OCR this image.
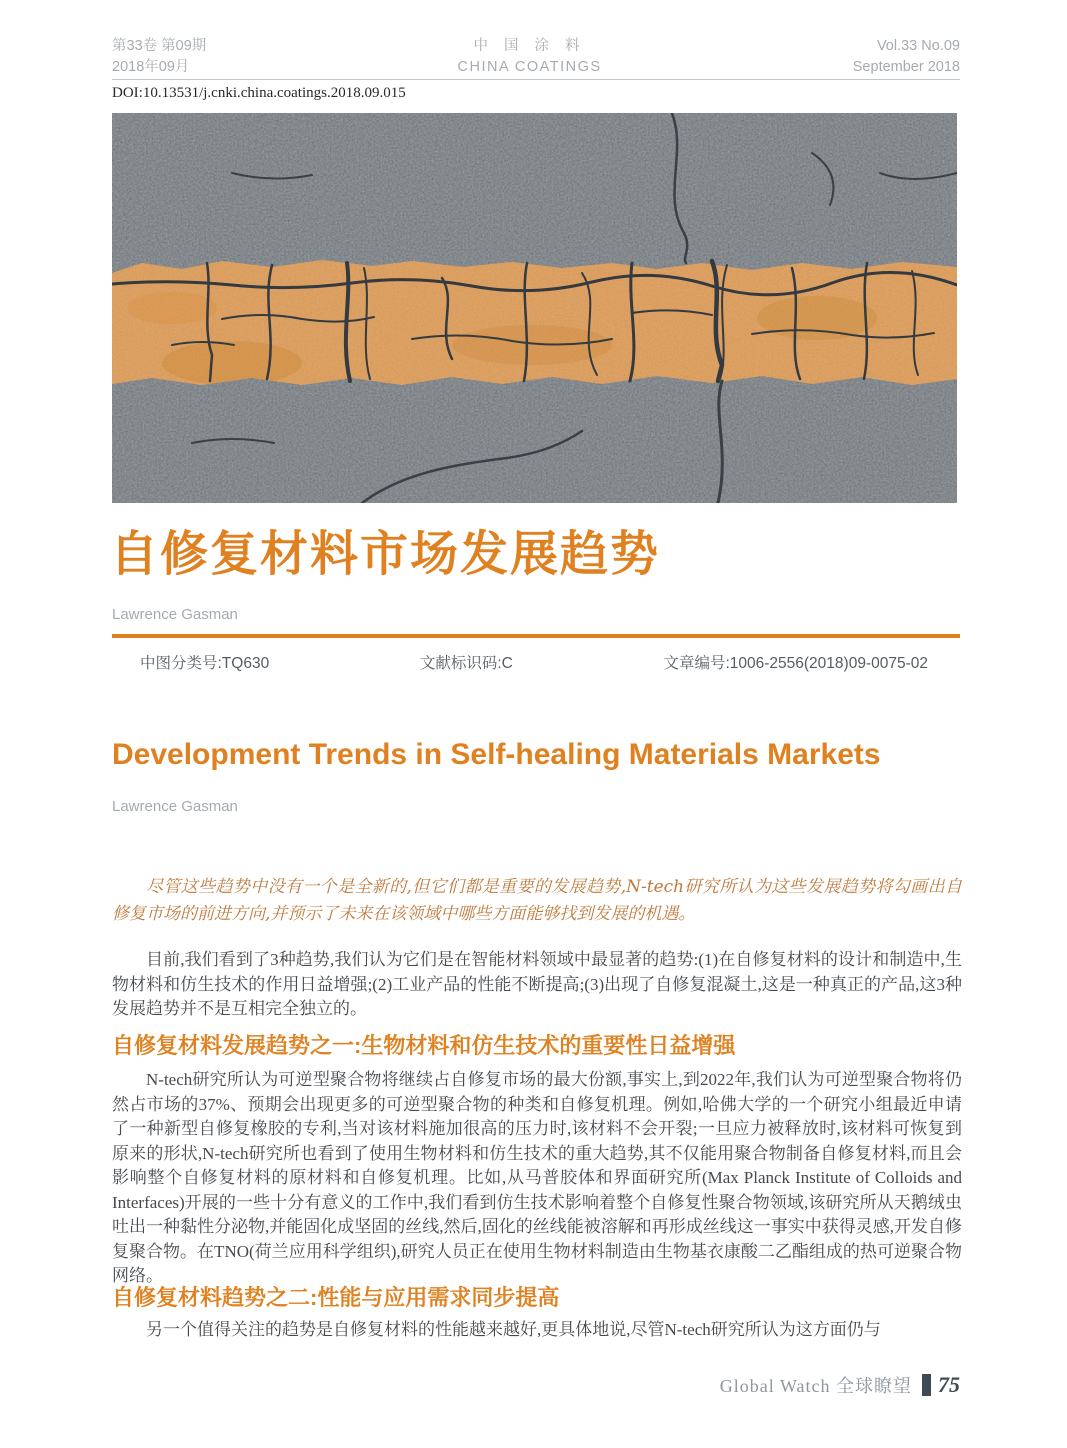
第33卷 第09期
2018年09月
中 国 涂 料
CHINA COATINGS
Vol.33 No.09
September 2018
DOI:10.13531/j.cnki.china.coatings.2018.09.015
自修复材料市场发展趋势
Lawrence Gasman
中图分类号:TQ630	文献标识码:C	文章编号:1006-2556(2018)09-0075-02
Development Trends in Self-healing Materials Markets
Lawrence Gasman

尽管这些趋势中没有一个是全新的,但它们都是重要的发展趋势,N-tech研究所认为这些发展趋势将勾画出自修复市场的前进方向,并预示了未来在该领域中哪些方面能够找到发展的机遇。

目前,我们看到了3种趋势,我们认为它们是在智能材料领域中最显著的趋势:(1)在自修复材料的设计和制造中,生物材料和仿生技术的作用日益增强;(2)工业产品的性能不断提高;(3)出现了自修复混凝土,这是一种真正的产品,这3种发展趋势并不是互相完全独立的。

自修复材料发展趋势之一:生物材料和仿生技术的重要性日益增强

N-tech研究所认为可逆型聚合物将继续占自修复市场的最大份额,事实上,到2022年,我们认为可逆型聚合物将仍然占市场的37%、预期会出现更多的可逆型聚合物的种类和自修复机理。例如,哈佛大学的一个研究小组最近申请了一种新型自修复橡胶的专利,当对该材料施加很高的压力时,该材料不会开裂;一旦应力被释放时,该材料可恢复到原来的形状,N-tech研究所也看到了使用生物材料和仿生技术的重大趋势,其不仅能用聚合物制备自修复材料,而且会影响整个自修复材料的原材料和自修复机理。比如,从马普胶体和界面研究所(Max Planck Institute of Colloids and Interfaces)开展的一些十分有意义的工作中,我们看到仿生技术影响着整个自修复性聚合物领域,该研究所从天鹅绒虫吐出一种黏性分泌物,并能固化成坚固的丝线,然后,固化的丝线能被溶解和再形成丝线这一事实中获得灵感,开发自修复聚合物。在TNO(荷兰应用科学组织),研究人员正在使用生物材料制造由生物基衣康酸二乙酯组成的热可逆聚合物网络。

自修复材料趋势之二:性能与应用需求同步提高

另一个值得关注的趋势是自修复材料的性能越来越好,更具体地说,尽管N-tech研究所认为这方面仍与

Global Watch 全球瞭望 75
